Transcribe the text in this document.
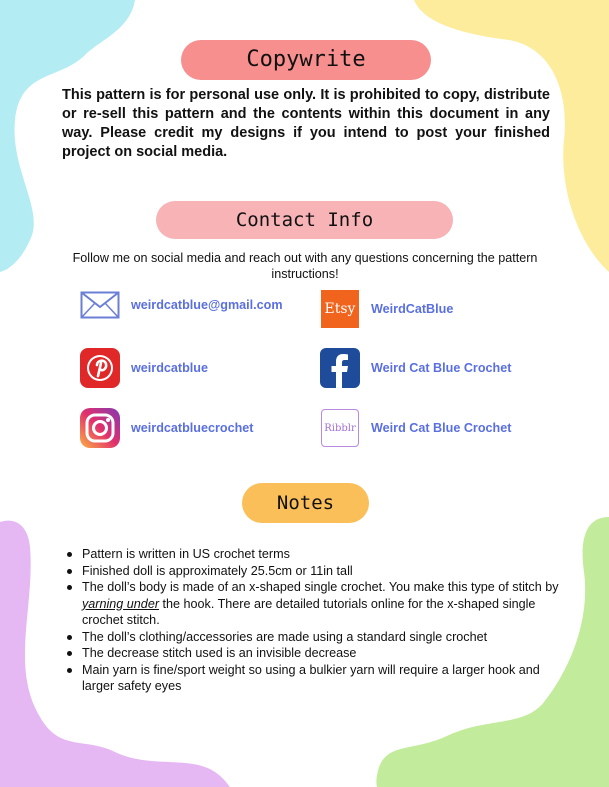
Copywrite
This pattern is for personal use only. It is prohibited to copy, distribute or re-sell this pattern and the contents within this document in any way. Please credit my designs if you intend to post your finished project on social media.
Contact Info
Follow me on social media and reach out with any questions concerning the pattern instructions!
weirdcatblue@gmail.com	Etsy WeirdCatBlue
weirdcatblue	Weird Cat Blue Crochet
weirdcatbluecrochet	Ribblr Weird Cat Blue Crochet
Notes
Pattern is written in US crochet terms
Finished doll is approximately 25.5cm or 11in tall
The doll’s body is made of an x-shaped single crochet. You make this type of stitch by yarning under the hook. There are detailed tutorials online for the x-shaped single crochet stitch.
The doll’s clothing/accessories are made using a standard single crochet
The decrease stitch used is an invisible decrease
Main yarn is fine/sport weight so using a bulkier yarn will require a larger hook and larger safety eyes
